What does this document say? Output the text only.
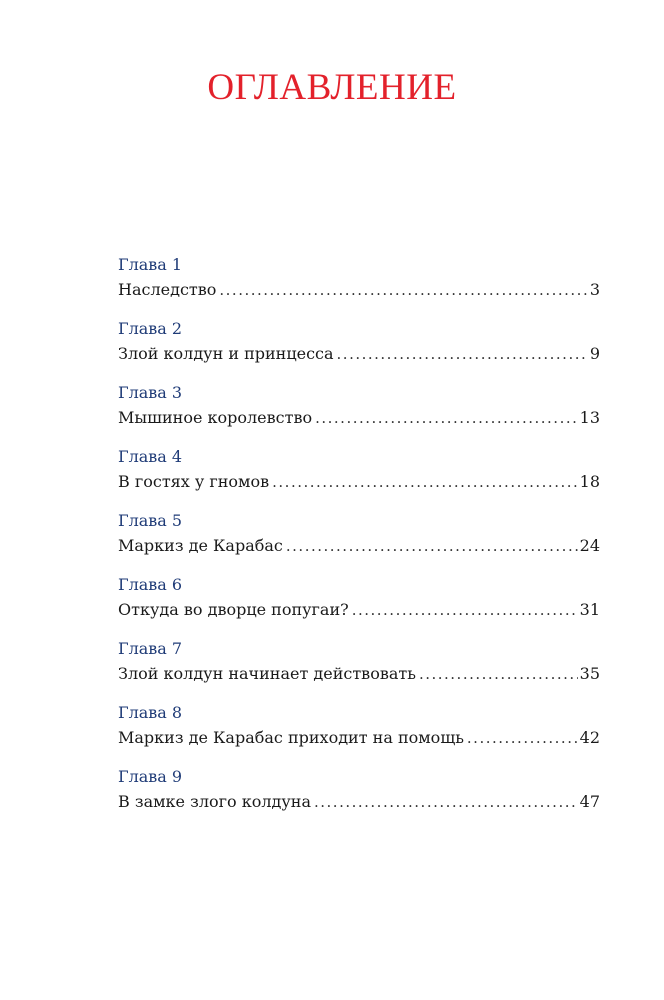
ОГЛАВЛЕНИЕ
Глава 1
Наследство .....	3
Глава 2
Злой колдун и принцесса .....	9
Глава 3
Мышиное королевство .....	13
Глава 4
В гостях у гномов .....	18
Глава 5
Маркиз де Карабас .....	24
Глава 6
Откуда во дворце попугаи? .....	31
Глава 7
Злой колдун начинает действовать .....	35
Глава 8
Маркиз де Карабас приходит на помощь .....	42
Глава 9
В замке злого колдуна .....	47
